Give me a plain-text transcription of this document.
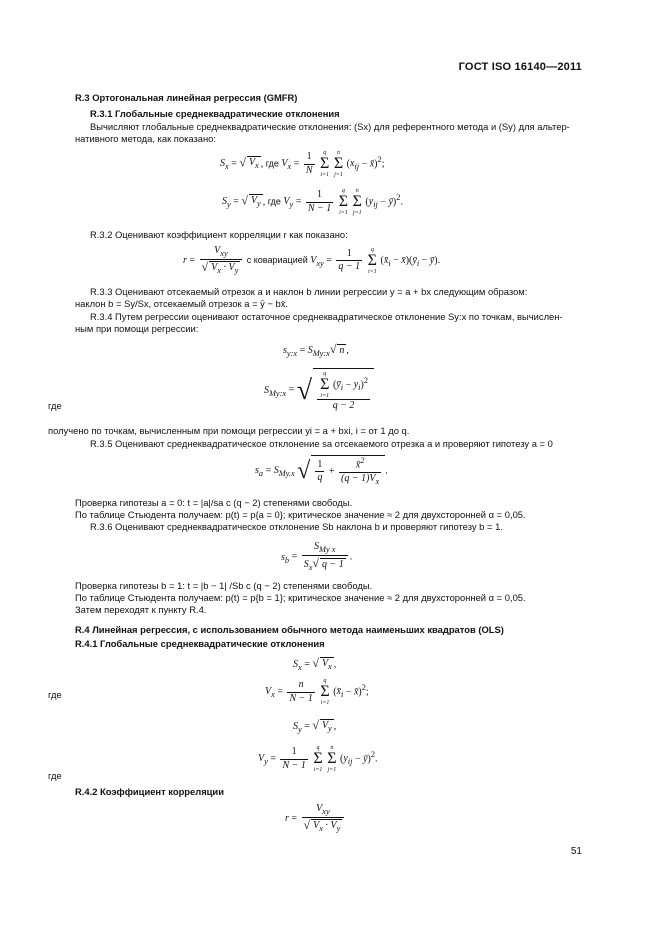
ГОСТ ISO 16140—2011
R.3 Ортогональная линейная регрессия (GMFR)
R.3.1 Глобальные среднеквадратические отклонения
Вычисляют глобальные среднеквадратические отклонения: (Sx) для референтного метода и (Sy) для альтер-
нативного метода, как показано:
$S_x$ = √ $V_x$ , где $V_x = \frac{1}{N}$
	q
Σ
i=1

n
Σ
j=1
($x_{ij}$ − x̄)$^2$;
$S_y$ = √ $V_y$ , где $V_y = \frac{1}{N - 1}$
	q
Σ
i=1

n
Σ
j=1
($y_{ij}$ − ȳ)$^2$.
R.3.2 Оценивают коэффициент корреляции r как показано:
$r = \frac{V_{xy}}{√ V_x \cdot V_y}$ с ковариацией $V_{xy} = \frac{1}{q - 1}$
	q
Σ
i=1
($x̄_i$ − $x̄)(ȳ_i$ − ȳ).
R.3.3 Оценивают отсекаемый отрезок a и наклон b линии регрессии y = a + bx следующим образом:
наклон b = Sy/Sx, отсекаемый отрезок a = ȳ − bx̄.
R.3.4 Путем регрессии оценивают остаточное среднеквадратическое отклонение Sy:x по точкам, вычислен-
ным при помощи регрессии:
$s_{y:x} = S_{My:x}√$ n ,
где
$S_{My:x}$ = √ q
Σ
i=1
$(ȳ_i - y_i)^2$
q − 2
получено по точкам, вычисленным при помощи регрессии yi = a + bxi, i = от 1 до q.
R.3.5 Оценивают среднеквадратическое отклонение sa отсекаемого отрезка a и проверяют гипотезу a = 0
$s_a = S_{My.x}$ √ $\frac{1}{q} + \frac{x̄^2}{(q - 1)V_x}$ .
Проверка гипотезы a = 0: t = |a|/sa с (q − 2) степенями свободы.
По таблице Стьюдента получаем: p(t) = p{a = 0}; критическое значение ≈ 2 для двухсторонней α = 0,05.
R.3.6 Оценивают среднеквадратическое отклонение Sb наклона b и проверяют гипотезу b = 1.
$s_b = \frac{S_{My x}}{S_x√ q - 1}$ .
Проверка гипотезы b = 1: t = |b − 1| /Sb с (q − 2) степенями свободы.
По таблице Стьюдента получаем: p(t) = p{b = 1}; критическое значение ≈ 2 для двухсторонней α = 0,05.
Затем переходят к пункту R.4.
R.4 Линейная регрессия, с использованием обычного метода наименьших квадратов (OLS)
R.4.1 Глобальные среднеквадратические отклонения
$S_x$ = √ $V_x$ ,
где	$V_x = \frac{n}{N - 1}$
	q
Σ
i=1
($x̄_i$ − x̄)$^2$;
$S_y$ = √ $V_y$ ,
$V_y = \frac{1}{N - 1}$
	q
Σ
i=1

n
Σ
j=1
($y_{ij}$ − ȳ)$^2$.
где
R.4.2 Коэффициент корреляции
$r = \frac{V_{xy}}{√ V_x \cdot V_y}$
51
